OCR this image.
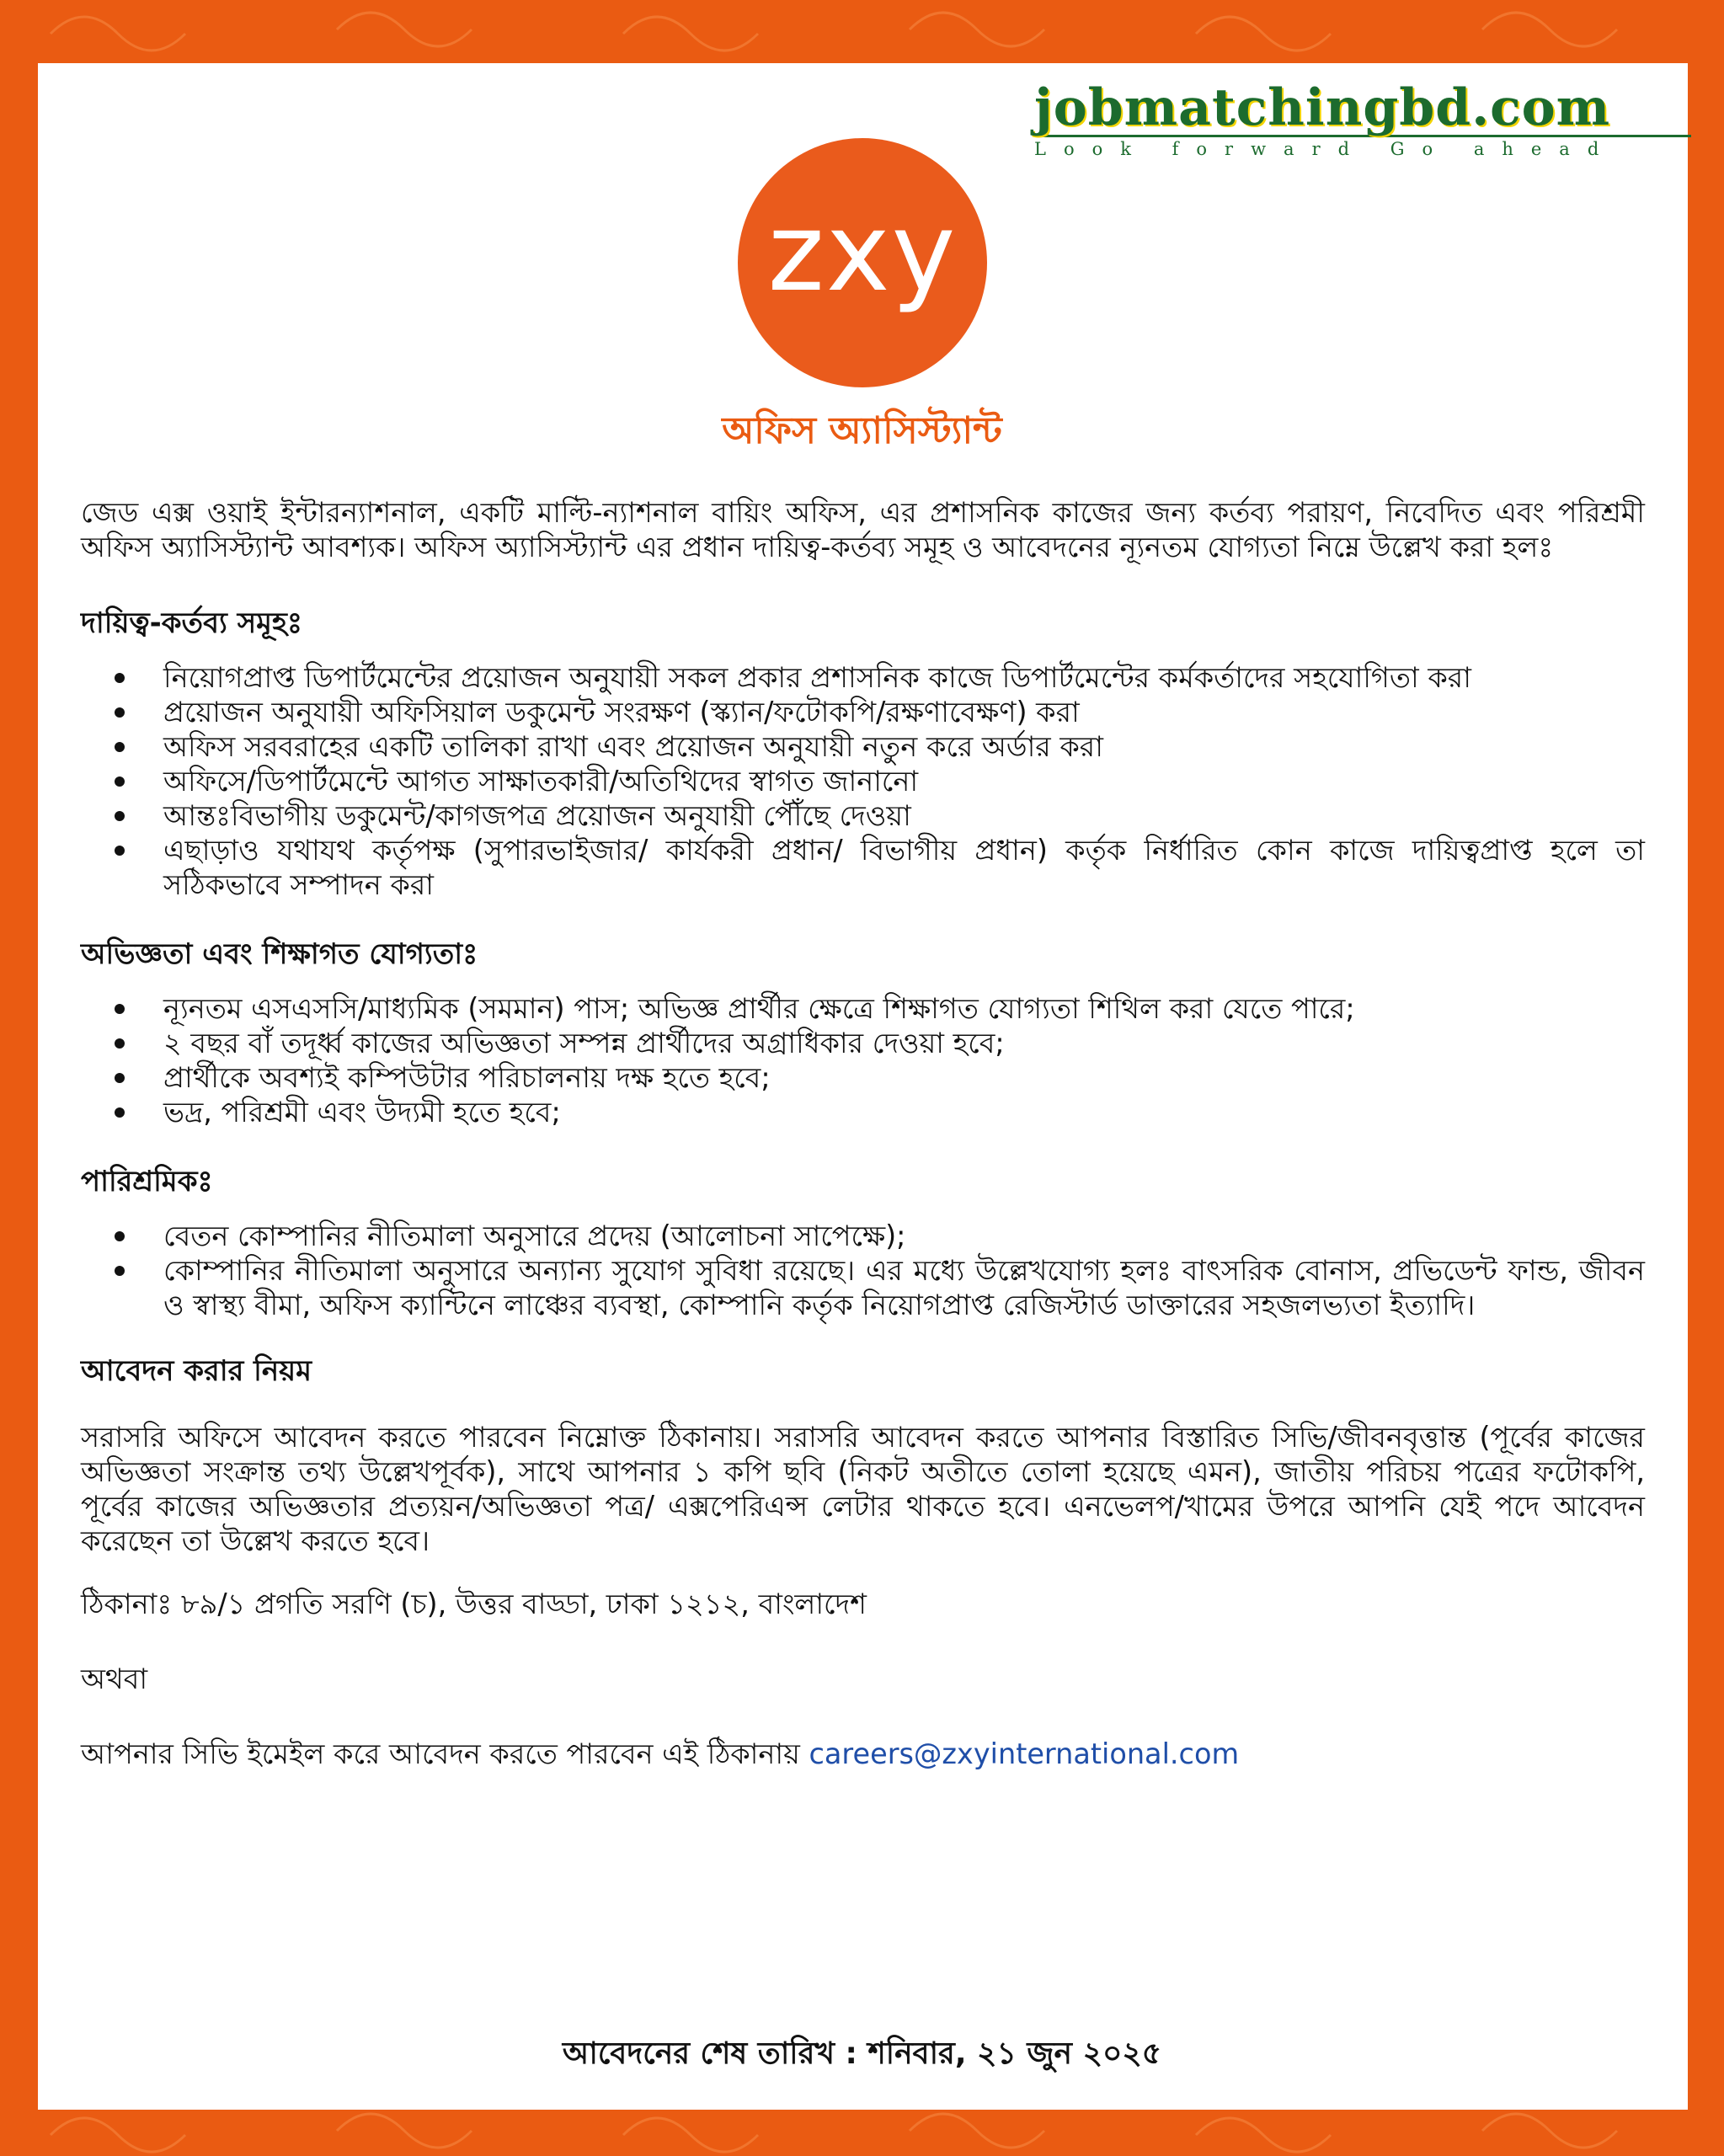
jobmatchingbd.com
Look forward Go ahead
zxy
অফিস অ্যাসিস্ট্যান্ট

জেড এক্স ওয়াই ইন্টারন্যাশনাল, একটি মাল্টি-ন্যাশনাল বায়িং অফিস, এর প্রশাসনিক কাজের জন্য কর্তব্য পরায়ণ, নিবেদিত এবং পরিশ্রমী অফিস অ্যাসিস্ট্যান্ট আবশ্যক। অফিস অ্যাসিস্ট্যান্ট এর প্রধান দায়িত্ব-কর্তব্য সমূহ ও আবেদনের ন্যূনতম যোগ্যতা নিম্নে উল্লেখ করা হলঃ

দায়িত্ব-কর্তব্য সমূহঃ
নিয়োগপ্রাপ্ত ডিপার্টমেন্টের প্রয়োজন অনুযায়ী সকল প্রকার প্রশাসনিক কাজে ডিপার্টমেন্টের কর্মকর্তাদের সহযোগিতা করা
প্রয়োজন অনুযায়ী অফিসিয়াল ডকুমেন্ট সংরক্ষণ (স্ক্যান/ফটোকপি/রক্ষণাবেক্ষণ) করা
অফিস সরবরাহের একটি তালিকা রাখা এবং প্রয়োজন অনুযায়ী নতুন করে অর্ডার করা
অফিসে/ডিপার্টমেন্টে আগত সাক্ষাতকারী/অতিথিদের স্বাগত জানানো
আন্তঃবিভাগীয় ডকুমেন্ট/কাগজপত্র প্রয়োজন অনুযায়ী পৌঁছে দেওয়া
এছাড়াও যথাযথ কর্তৃপক্ষ (সুপারভাইজার/ কার্যকরী প্রধান/ বিভাগীয় প্রধান) কর্তৃক নির্ধারিত কোন কাজে দায়িত্বপ্রাপ্ত হলে তা সঠিকভাবে সম্পাদন করা
অভিজ্ঞতা এবং শিক্ষাগত যোগ্যতাঃ
ন্যূনতম এসএসসি/মাধ্যমিক (সমমান) পাস; অভিজ্ঞ প্রার্থীর ক্ষেত্রে শিক্ষাগত যোগ্যতা শিথিল করা যেতে পারে;
২ বছর বাঁ তদূর্ধ্ব কাজের অভিজ্ঞতা সম্পন্ন প্রার্থীদের অগ্রাধিকার দেওয়া হবে;
প্রার্থীকে অবশ্যই কম্পিউটার পরিচালনায় দক্ষ হতে হবে;
ভদ্র, পরিশ্রমী এবং উদ্যমী হতে হবে;
পারিশ্রমিকঃ
বেতন কোম্পানির নীতিমালা অনুসারে প্রদেয় (আলোচনা সাপেক্ষে);
কোম্পানির নীতিমালা অনুসারে অন্যান্য সুযোগ সুবিধা রয়েছে। এর মধ্যে উল্লেখযোগ্য হলঃ বাৎসরিক বোনাস, প্রভিডেন্ট ফান্ড, জীবন ও স্বাস্থ্য বীমা, অফিস ক্যান্টিনে লাঞ্চের ব্যবস্থা, কোম্পানি কর্তৃক নিয়োগপ্রাপ্ত রেজিস্টার্ড ডাক্তারের সহজলভ্যতা ইত্যাদি।
আবেদন করার নিয়ম

সরাসরি অফিসে আবেদন করতে পারবেন নিম্নোক্ত ঠিকানায়। সরাসরি আবেদন করতে আপনার বিস্তারিত সিভি/জীবনবৃত্তান্ত (পূর্বের কাজের অভিজ্ঞতা সংক্রান্ত তথ্য উল্লেখপূর্বক), সাথে আপনার ১ কপি ছবি (নিকট অতীতে তোলা হয়েছে এমন), জাতীয় পরিচয় পত্রের ফটোকপি, পূর্বের কাজের অভিজ্ঞতার প্রত্যয়ন/অভিজ্ঞতা পত্র/ এক্সপেরিএন্স লেটার থাকতে হবে। এনভেলপ/খামের উপরে আপনি যেই পদে আবেদন করেছেন তা উল্লেখ করতে হবে।

ঠিকানাঃ ৮৯/১ প্রগতি সরণি (চ), উত্তর বাড্ডা, ঢাকা ১২১২, বাংলাদেশ

অথবা

আপনার সিভি ইমেইল করে আবেদন করতে পারবেন এই ঠিকানায় careers@zxyinternational.com

আবেদনের শেষ তারিখ : শনিবার, ২১ জুন ২০২৫
